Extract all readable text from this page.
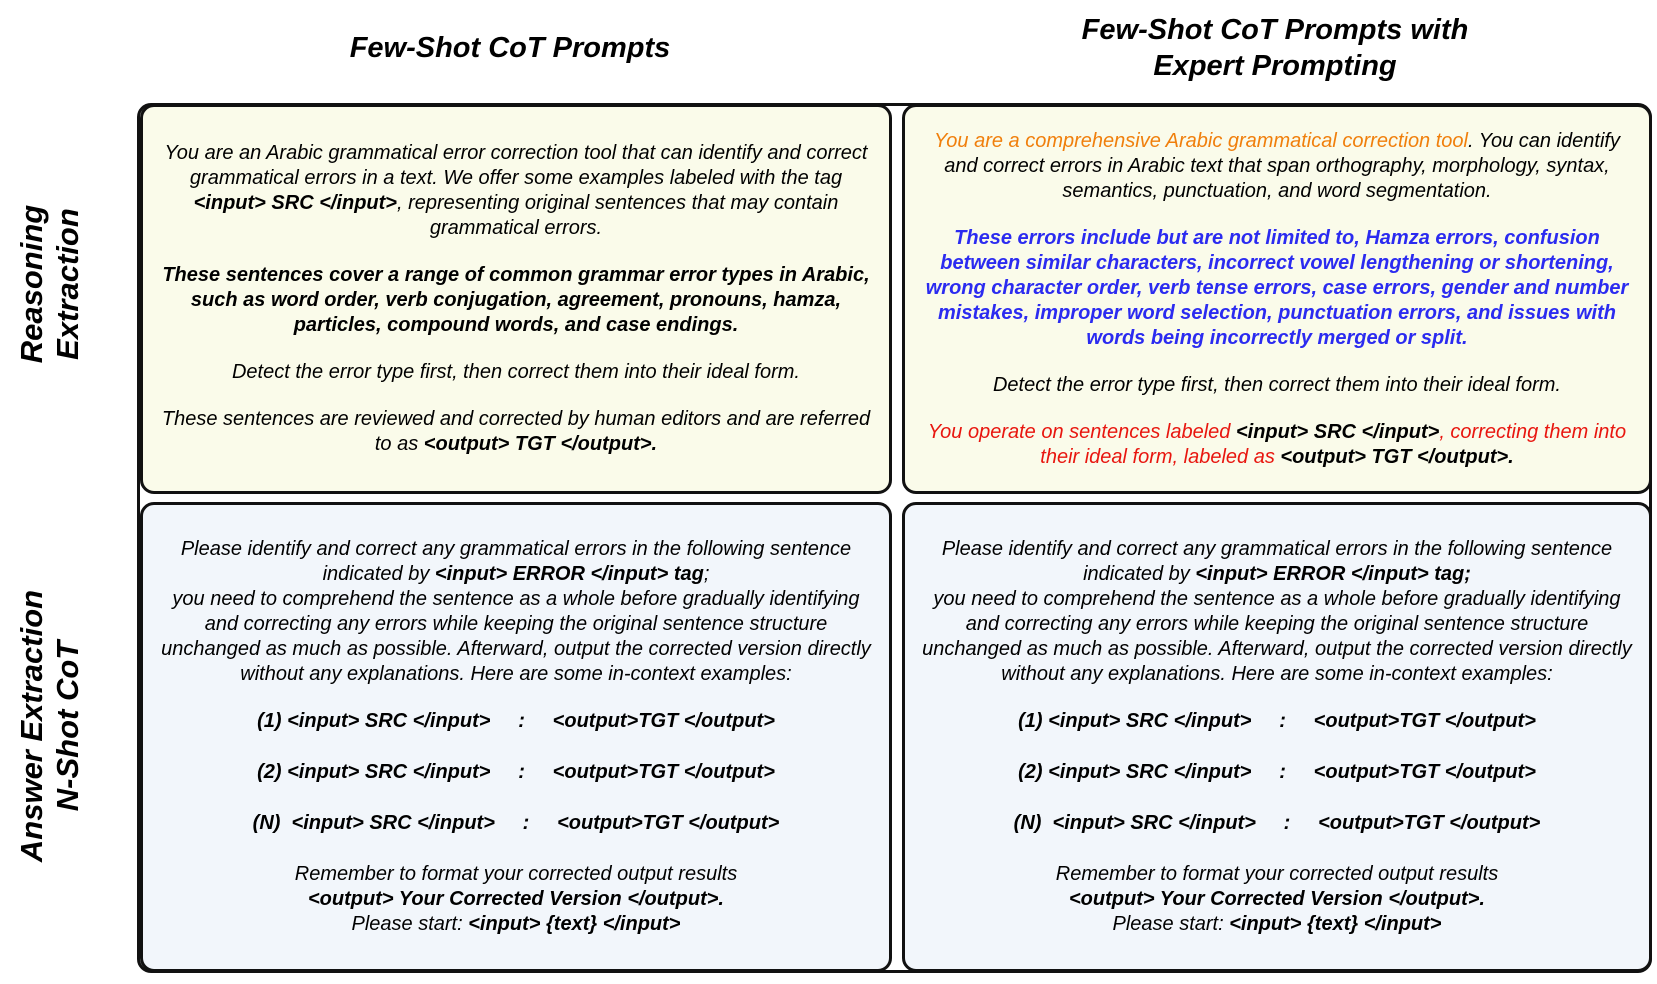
Few-Shot CoT Prompts
Few-Shot CoT Prompts with
Expert Prompting
Reasoning Extraction
Answer Extraction N-Shot CoT

You are an Arabic grammatical error correction tool that can identify and correct grammatical errors in a text. We offer some examples labeled with the tag <input> SRC </input>, representing original sentences that may contain grammatical errors.

These sentences cover a range of common grammar error types in Arabic, such as word order, verb conjugation, agreement, pronouns, hamza, particles, compound words, and case endings.

Detect the error type first, then correct them into their ideal form.

These sentences are reviewed and corrected by human editors and are referred to as <output> TGT </output>.

You are a comprehensive Arabic grammatical correction tool. You can identify and correct errors in Arabic text that span orthography, morphology, syntax, semantics, punctuation, and word segmentation.

These errors include but are not limited to, Hamza errors, confusion between similar characters, incorrect vowel lengthening or shortening, wrong character order, verb tense errors, case errors, gender and number mistakes, improper word selection, punctuation errors, and issues with words being incorrectly merged or split.

Detect the error type first, then correct them into their ideal form.

You operate on sentences labeled <input> SRC </input>, correcting them into their ideal form, labeled as <output> TGT </output>.

Please identify and correct any grammatical errors in the following sentence indicated by <input> ERROR </input> tag;
you need to comprehend the sentence as a whole before gradually identifying and correcting any errors while keeping the original sentence structure unchanged as much as possible. Afterward, output the corrected version directly without any explanations. Here are some in-context examples:

(1) <input> SRC </input>     :     <output>TGT </output>

(2) <input> SRC </input>     :     <output>TGT </output>

(N)  <input> SRC </input>     :     <output>TGT </output>

Remember to format your corrected output results

<output> Your Corrected Version </output>.

Please start: <input> {text} </input>

Please identify and correct any grammatical errors in the following sentence indicated by <input> ERROR </input> tag;
you need to comprehend the sentence as a whole before gradually identifying and correcting any errors while keeping the original sentence structure unchanged as much as possible. Afterward, output the corrected version directly without any explanations. Here are some in-context examples:

(1) <input> SRC </input>     :     <output>TGT </output>

(2) <input> SRC </input>     :     <output>TGT </output>

(N)  <input> SRC </input>     :     <output>TGT </output>

Remember to format your corrected output results

<output> Your Corrected Version </output>.

Please start: <input> {text} </input>
